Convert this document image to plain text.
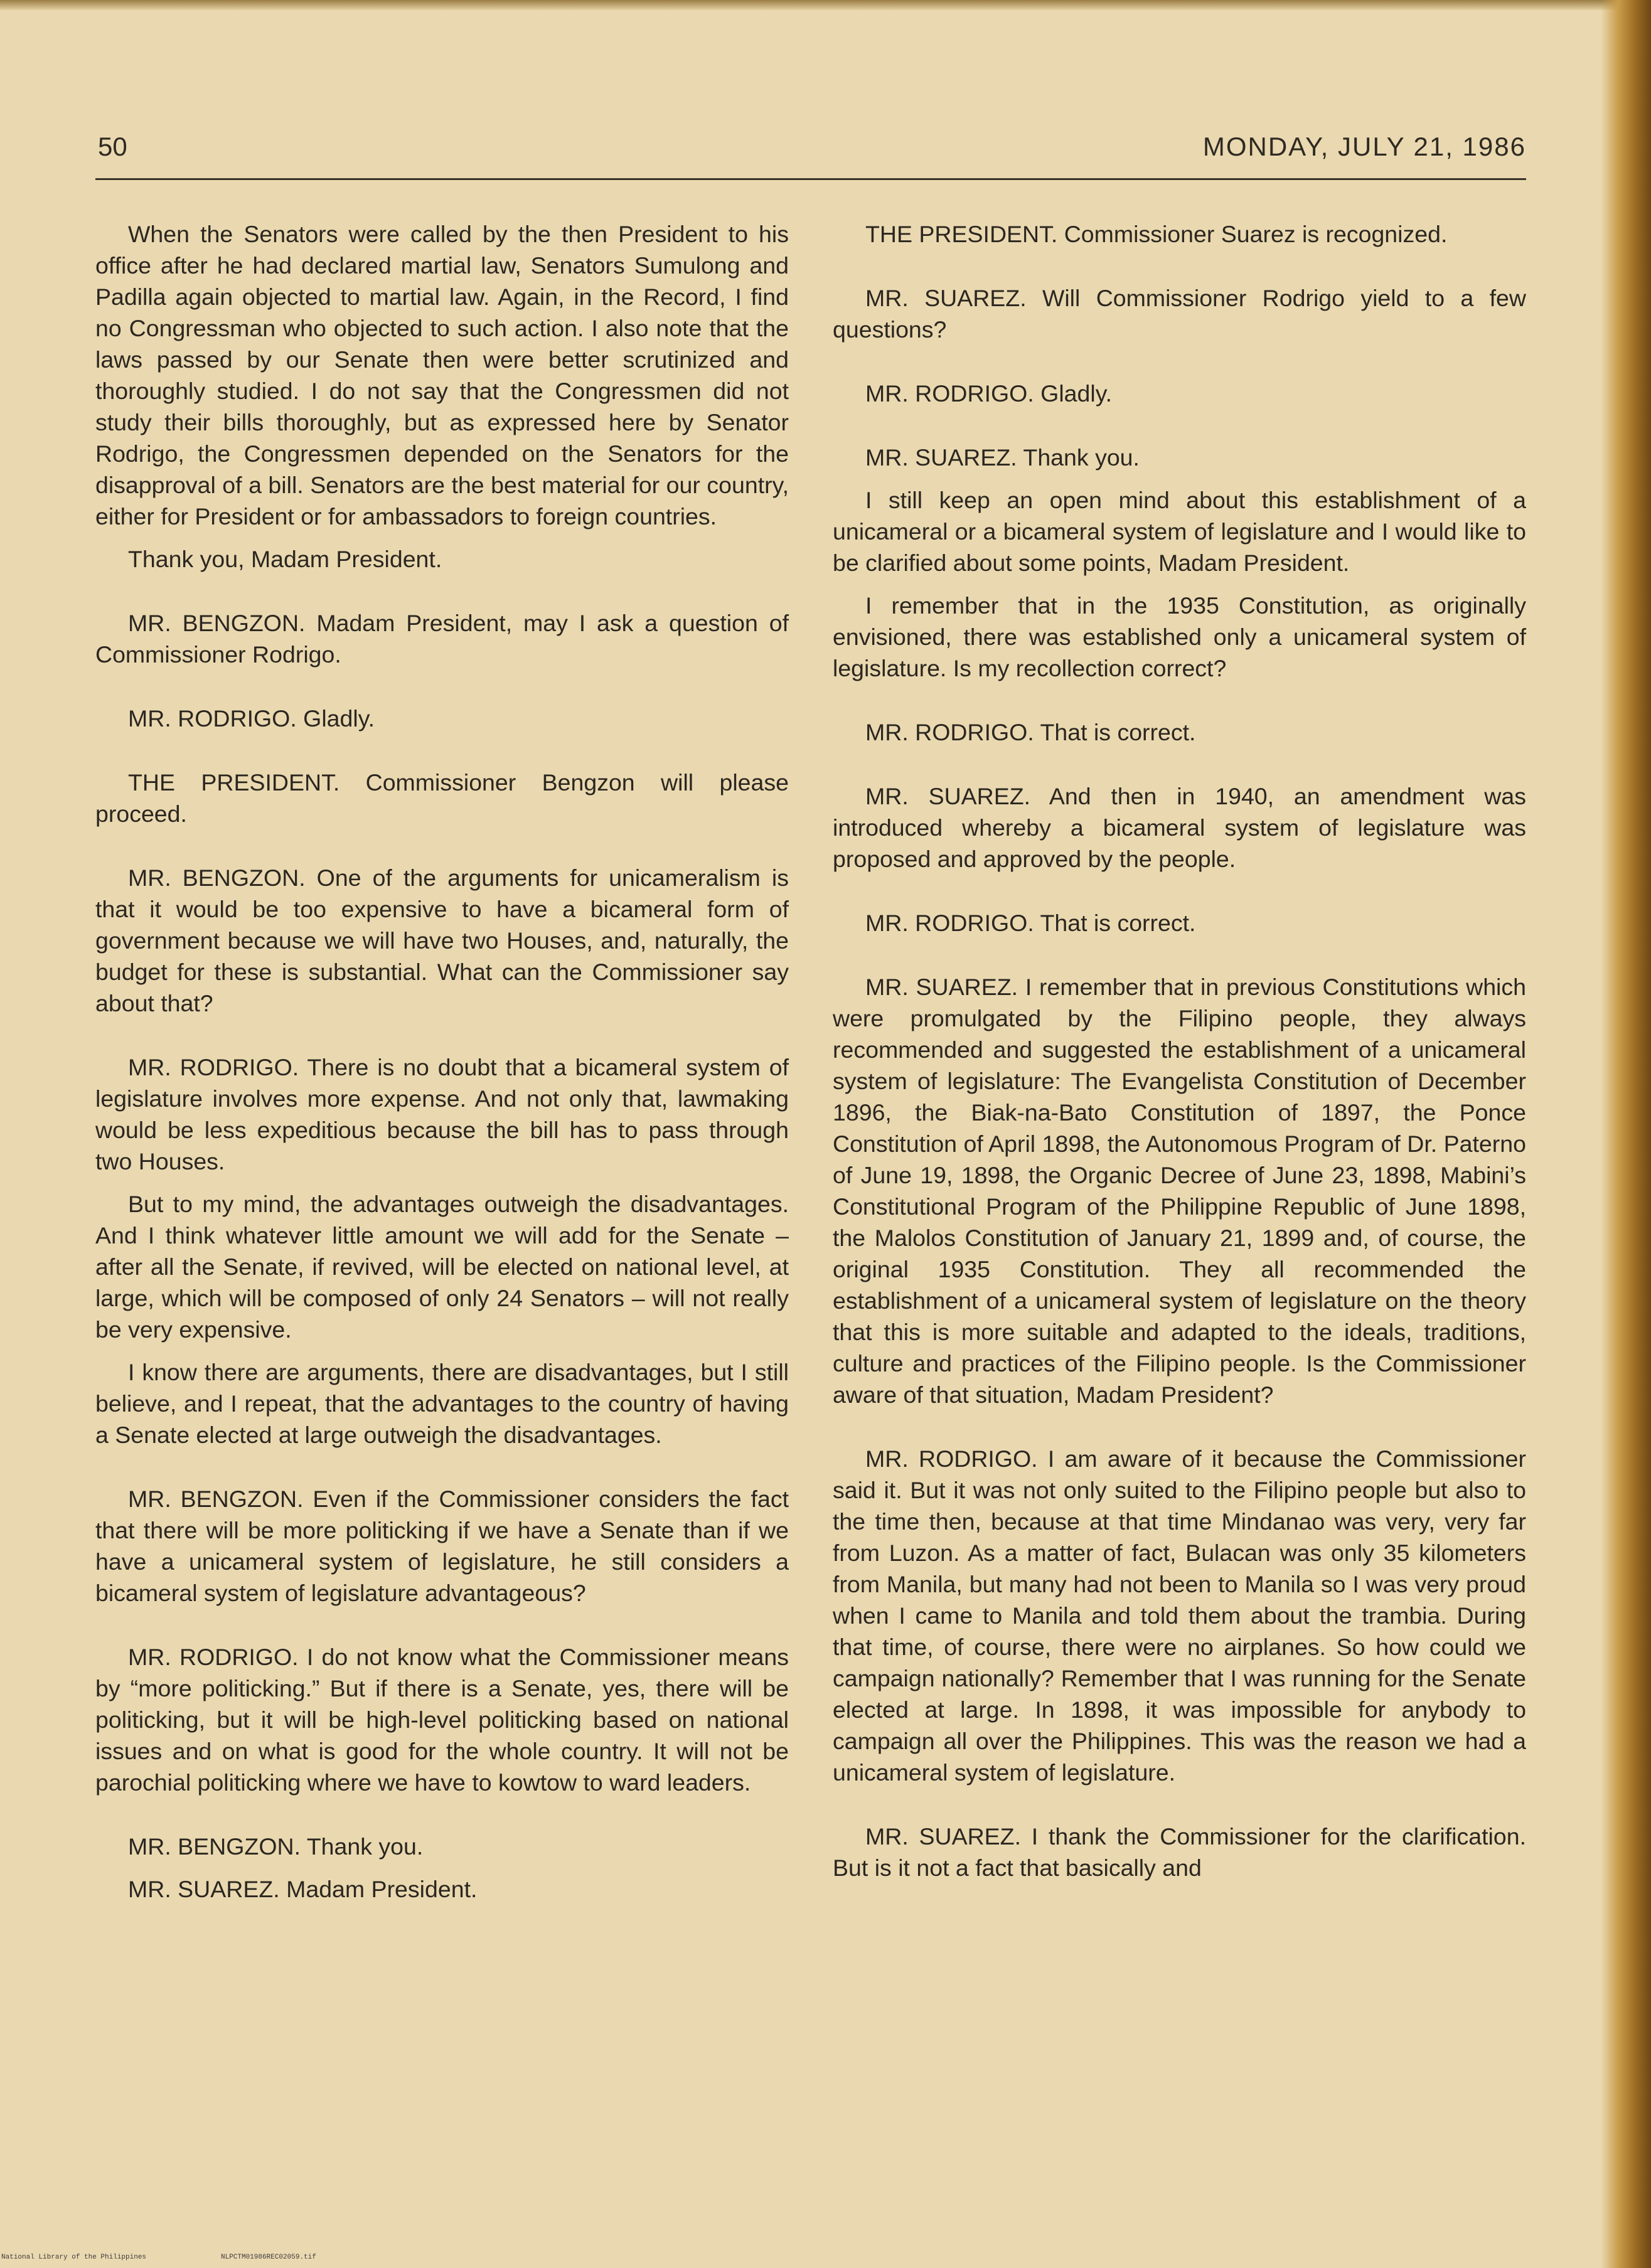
50	MONDAY, JULY 21, 1986

When the Senators were called by the then President to his office after he had declared martial law, Senators Sumulong and Padilla again objected to martial law. Again, in the Record, I find no Congressman who objected to such action. I also note that the laws passed by our Senate then were better scrutinized and thoroughly studied. I do not say that the Congressmen did not study their bills thoroughly, but as expressed here by Senator Rodrigo, the Congressmen depended on the Senators for the disapproval of a bill. Senators are the best material for our country, either for President or for ambassadors to foreign countries.

Thank you, Madam President.

MR. BENGZON. Madam President, may I ask a question of Commissioner Rodrigo.

MR. RODRIGO. Gladly.

THE PRESIDENT. Commissioner Bengzon will please proceed.

MR. BENGZON. One of the arguments for unicameralism is that it would be too expensive to have a bicameral form of government because we will have two Houses, and, naturally, the budget for these is substantial. What can the Commissioner say about that?

MR. RODRIGO. There is no doubt that a bicameral system of legislature involves more expense. And not only that, lawmaking would be less expeditious because the bill has to pass through two Houses.

But to my mind, the advantages outweigh the disadvantages. And I think whatever little amount we will add for the Senate – after all the Senate, if revived, will be elected on national level, at large, which will be composed of only 24 Senators – will not really be very expensive.

I know there are arguments, there are disadvantages, but I still believe, and I repeat, that the advantages to the country of having a Senate elected at large outweigh the disadvantages.

MR. BENGZON. Even if the Commissioner considers the fact that there will be more politicking if we have a Senate than if we have a unicameral system of legislature, he still considers a bicameral system of legislature advantageous?

MR. RODRIGO. I do not know what the Commissioner means by “more politicking.” But if there is a Senate, yes, there will be politicking, but it will be high-level politicking based on national issues and on what is good for the whole country. It will not be parochial politicking where we have to kowtow to ward leaders.

MR. BENGZON. Thank you.

MR. SUAREZ. Madam President.

THE PRESIDENT. Commissioner Suarez is recognized.

MR. SUAREZ. Will Commissioner Rodrigo yield to a few questions?

MR. RODRIGO. Gladly.

MR. SUAREZ. Thank you.

I still keep an open mind about this establishment of a unicameral or a bicameral system of legislature and I would like to be clarified about some points, Madam President.

I remember that in the 1935 Constitution, as originally envisioned, there was established only a unicameral system of legislature. Is my recollection correct?

MR. RODRIGO. That is correct.

MR. SUAREZ. And then in 1940, an amendment was introduced whereby a bicameral system of legislature was proposed and approved by the people.

MR. RODRIGO. That is correct.

MR. SUAREZ. I remember that in previous Constitutions which were promulgated by the Filipino people, they always recommended and suggested the establishment of a unicameral system of legislature: The Evangelista Constitution of December 1896, the Biak-na-Bato Constitution of 1897, the Ponce Constitution of April 1898, the Autonomous Program of Dr. Paterno of June 19, 1898, the Organic Decree of June 23, 1898, Mabini’s Constitutional Program of the Philippine Republic of June 1898, the Malolos Constitution of January 21, 1899 and, of course, the original 1935 Constitution. They all recommended the establishment of a unicameral system of legislature on the theory that this is more suitable and adapted to the ideals, traditions, culture and practices of the Filipino people. Is the Commissioner aware of that situation, Madam President?

MR. RODRIGO. I am aware of it because the Commissioner said it. But it was not only suited to the Filipino people but also to the time then, because at that time Mindanao was very, very far from Luzon. As a matter of fact, Bulacan was only 35 kilometers from Manila, but many had not been to Manila so I was very proud when I came to Manila and told them about the trambia. During that time, of course, there were no airplanes. So how could we campaign nationally? Remember that I was running for the Senate elected at large. In 1898, it was impossible for anybody to campaign all over the Philippines. This was the reason we had a unicameral system of legislature.

MR. SUAREZ. I thank the Commissioner for the clarification. But is it not a fact that basically and

National Library of the Philippines	NLPCTM01986REC02059.tif
